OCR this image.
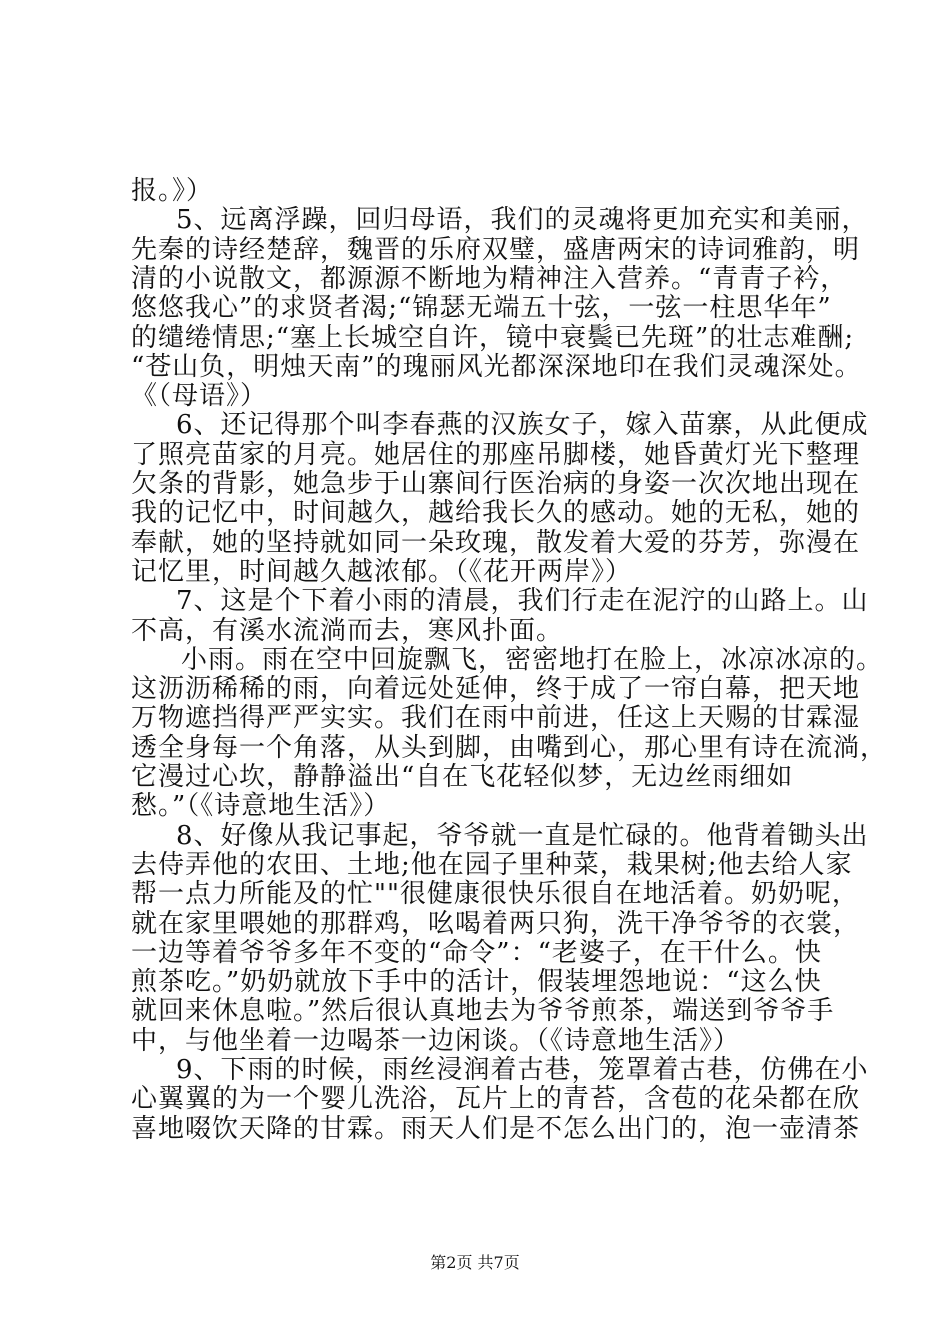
报。》）
5、远离浮躁，回归母语，我们的灵魂将更加充实和美丽，
先秦的诗经楚辞，魏晋的乐府双璧，盛唐两宋的诗词雅韵，明
清的小说散文，都源源不断地为精神注入营养。“青青子衿，
悠悠我心”的求贤者渴;“锦瑟无端五十弦，一弦一柱思华年”
的缱绻情思;“塞上长城空自许，镜中衰鬓已先斑”的壮志难酬;
“苍山负，明烛天南”的瑰丽风光都深深地印在我们灵魂深处。
《（母语》）
6、还记得那个叫李春燕的汉族女子，嫁入苗寨，从此便成
了照亮苗家的月亮。她居住的那座吊脚楼，她昏黄灯光下整理
欠条的背影，她急步于山寨间行医治病的身姿一次次地出现在
我的记忆中，时间越久，越给我长久的感动。她的无私，她的
奉献，她的坚持就如同一朵玫瑰，散发着大爱的芬芳，弥漫在
记忆里，时间越久越浓郁。（《花开两岸》）
7、这是个下着小雨的清晨，我们行走在泥泞的山路上。山
不高，有溪水流淌而去，寒风扑面。
小雨。雨在空中回旋飘飞，密密地打在脸上，冰凉冰凉的。
这沥沥稀稀的雨，向着远处延伸，终于成了一帘白幕，把天地
万物遮挡得严严实实。我们在雨中前进，任这上天赐的甘霖湿
透全身每一个角落，从头到脚，由嘴到心，那心里有诗在流淌，
它漫过心坎，静静溢出“自在飞花轻似梦，无边丝雨细如
愁。”（《诗意地生活》）
8、好像从我记事起，爷爷就一直是忙碌的。他背着锄头出
去侍弄他的农田、土地;他在园子里种菜，栽果树;他去给人家
帮一点力所能及的忙""很健康很快乐很自在地活着。奶奶呢，
就在家里喂她的那群鸡，吆喝着两只狗，洗干净爷爷的衣裳，
一边等着爷爷多年不变的“命令”：“老婆子，在干什么。快
煎茶吃。”奶奶就放下手中的活计，假装埋怨地说：“这么快
就回来休息啦。”然后很认真地去为爷爷煎茶，端送到爷爷手
中，与他坐着一边喝茶一边闲谈。（《诗意地生活》）
9、下雨的时候，雨丝浸润着古巷，笼罩着古巷，仿佛在小
心翼翼的为一个婴儿洗浴，瓦片上的青苔，含苞的花朵都在欣
喜地啜饮天降的甘霖。雨天人们是不怎么出门的，泡一壶清茶
第2页 共7页
